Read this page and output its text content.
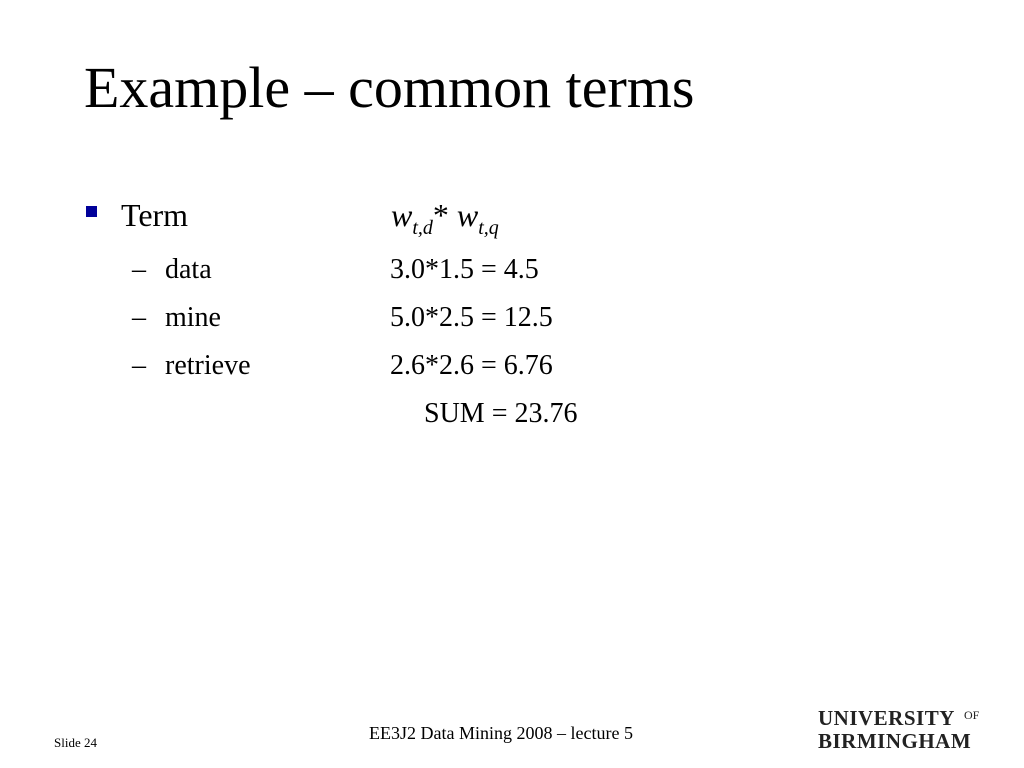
Example – common terms
Term	$w_{t,d}*$ $w_{t,q}$
– data	3.0*1.5 = 4.5
– mine	5.0*2.5 = 12.5
– retrieve	2.6*2.6 = 6.76
SUM = 23.76
Slide 24	EE3J2 Data Mining 2008 – lecture 5
UNIVERSITY OF
BIRMINGHAM
